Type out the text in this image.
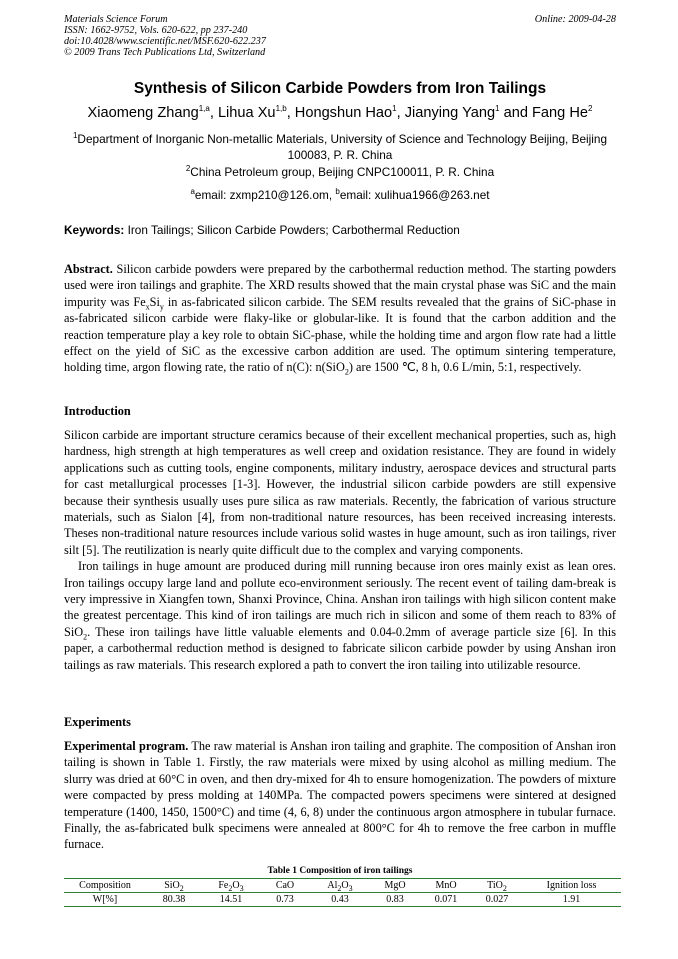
Materials Science Forum
ISSN: 1662-9752, Vols. 620-622, pp 237-240
doi:10.4028/www.scientific.net/MSF.620-622.237
© 2009 Trans Tech Publications Ltd, Switzerland
Online: 2009-04-28
Synthesis of Silicon Carbide Powders from Iron Tailings
Xiaomeng Zhang$^{1,a}$, Lihua Xu$^{1,b}$, Hongshun Hao$^1$, Jianying Yang$^1$ and Fang He$^2$
$^1$Department of Inorganic Non-metallic Materials, University of Science and Technology Beijing, Beijing 100083, P. R. China
$^2$China Petroleum group, Beijing CNPC100011, P. R. China
$^a$email: zxmp210@126.om, $^b$email: xulihua1966@263.net
Keywords: Iron Tailings; Silicon Carbide Powders; Carbothermal Reduction
Abstract. Silicon carbide powders were prepared by the carbothermal reduction method. The starting powders used were iron tailings and graphite. The XRD results showed that the main crystal phase was SiC and the main impurity was $Fe_xSi_y$ in as-fabricated silicon carbide. The SEM results revealed that the grains of SiC-phase in as-fabricated silicon carbide were flaky-like or globular-like. It is found that the carbon addition and the reaction temperature play a key role to obtain SiC-phase, while the holding time and argon flow rate had a little effect on the yield of SiC as the excessive carbon addition are used. The optimum sintering temperature, holding time, argon flowing rate, the ratio of n(C): n(SiO$_2$) are 1500 ℃, 8 h, 0.6 L/min, 5:1, respectively.
Introduction
Silicon carbide are important structure ceramics because of their excellent mechanical properties, such as, high hardness, high strength at high temperatures as well creep and oxidation resistance. They are found in widely applications such as cutting tools, engine components, military industry, aerospace devices and structural parts for cast metallurgical processes [1-3]. However, the industrial silicon carbide powders are still expensive because their synthesis usually uses pure silica as raw materials. Recently, the fabrication of various structure materials, such as Sialon [4], from non-traditional nature resources, has been received increasing interests. Theses non-traditional nature resources include various solid wastes in huge amount, such as iron tailings, river silt [5]. The reutilization is nearly quite difficult due to the complex and varying components.
Iron tailings in huge amount are produced during mill running because iron ores mainly exist as lean ores. Iron tailings occupy large land and pollute eco-environment seriously. The recent event of tailing dam-break is very impressive in Xiangfen town, Shanxi Province, China. Anshan iron tailings with high silicon content make the greatest percentage. This kind of iron tailings are much rich in silicon and some of them reach to 83% of SiO$_2$. These iron tailings have little valuable elements and 0.04-0.2mm of average particle size [6]. In this paper, a carbothermal reduction method is designed to fabricate silicon carbide powder by using Anshan iron tailings as raw materials. This research explored a path to convert the iron tailing into utilizable resource.
Experiments
Experimental program. The raw material is Anshan iron tailing and graphite. The composition of Anshan iron tailing is shown in Table 1. Firstly, the raw materials were mixed by using alcohol as milling medium. The slurry was dried at 60°C in oven, and then dry-mixed for 4h to ensure homogenization. The powders of mixture were compacted by press molding at 140MPa. The compacted powers specimens were sintered at designed temperature (1400, 1450, 1500°C) and time (4, 6, 8) under the continuous argon atmosphere in tubular furnace. Finally, the as-fabricated bulk specimens were annealed at 800°C for 4h to remove the free carbon in muffle furnace.
Table 1 Composition of iron tailings
Composition	SiO$_2$	$Fe_2O_3$	CaO	$Al_2O_3$	MgO	MnO	TiO$_2$	Ignition loss
W[%]	80.38	14.51	0.73	0.43	0.83	0.071	0.027	1.91
